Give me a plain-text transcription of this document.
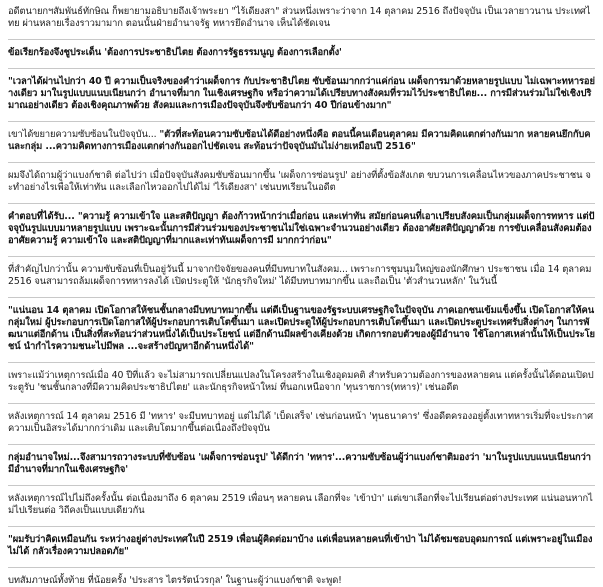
อดีตนายกฯสัมพันธ์ทักษิณ ก็พยายามอธิบายถึงเจ้าพระยา "ไร้เดียงสา" ส่วนหนึ่งเพราะว่าจาก 14 ตุลาคม 2516 ถึงปัจจุบัน เป็นเวลายาวนาน ประเทศไทย ผ่านหลายเรื่องราวมามาก ตอนนั้นฝ่ายอำนาจรัฐ ทหารยึดอำนาจ เห็นได้ชัดเจน

ข้อเรียกร้องจึงชูประเด็น 'ต้องการประชาธิปไตย ต้องการรัฐธรรมนูญ ต้องการเลือกตั้ง'

"เวลาได้ผ่านไปกว่า 40 ปี ความเป็นจริงของคำว่าเผด็จการ กับประชาธิปไตย ซับซ้อนมากกว่าแค่ก่อน เผด็จการมาด้วยหลายรูปแบบ ไม่เฉพาะทหารอย่างเดียว มาในรูปแบบแนบเนียนกว่า อำนาจที่มาก ในเชิงเศรษฐกิจ หรือว่าความได้เปรียบทางสังคมที่รวมไว้ประชาธิปไตย... การมีส่วนร่วมไม่ใช่เชิงปริมาณอย่างเดียว ต้องเชิงคุณภาพด้วย สังคมและการเมืองปัจจุบันจึงซับซ้อนกว่า 40 ปีก่อนข้างมาก"

เขาได้ขยายความซับซ้อนในปัจจุบัน... "ตัวที่สะท้อนความซับซ้อนได้ดีอย่างหนึ่งคือ ตอนนี้คนเดือนตุลาคม มีความคิดแตกต่างกันมาก หลายคนยึกกับคนละกลุ่ม ...ความคิดทางการเมืองแตกต่างกันออกไปชัดเจน สะท้อนว่าปัจจุบันมันไม่ง่ายเหมือนปี 2516"

ผมจึงได้ถามผู้ว่าแบงก์ชาติ ต่อไปว่า เมื่อปัจจุบันสังคมซับซ้อนมากขึ้น 'เผด็จการซ่อนรูป' อย่างที่ตั้งข้อสังเกต ขบวนการเคลื่อนไหวของภาคประชาชน จะทำอย่างไรเพื่อให้เท่าทัน และเลือกไหวออกไปได้ไม่ 'ไร้เดียงสา' เช่นบทเรียนในอดีต

คำตอบที่ได้รับ... "ความรู้ ความเข้าใจ และสติปัญญา ต้องก้าวหน้ากว่าเมื่อก่อน และเท่าทัน สมัยก่อนคนที่เอาเปรียบสังคมเป็นกลุ่มเผด็จการทหาร แต่ปัจจุบันรูปแบบมาหลายรูปแบบ เพราะฉะนั้นการมีส่วนร่วมของประชาชนไม่ใช่เฉพาะจำนวนอย่างเดียว ต้องอาศัยสติปัญญาด้วย การขับเคลื่อนสังคมต้องอาศัยความรู้ ความเข้าใจ และสติปัญญาที่มากและเท่าทันเผด็จการมี มากกว่าก่อน"

ที่สำคัญไปกว่านั้น ความซับซ้อนที่เป็นอยู่วันนี้ มาจากปัจจัยของคนที่มีบทบาทในสังคม... เพราะการชุมนุมใหญ่ของนักศึกษา ประชาชน เมื่อ 14 ตุลาคม 2516 จนสามารถล้มเผด็จการทหารลงได้ เปิดประตูให้ 'นักธุรกิจใหม่' ได้มีบทบาทมากขึ้น และถือเป็น 'ตัวสำนวนหลัก' ในวันนี้

"แน่นอน 14 ตุลาคม เปิดโอกาสให้ชนชั้นกลางมีบทบาทมากขึ้น แต่ดีเป็นฐานของรัฐระบบเศรษฐกิจในปัจจุบัน ภาคเอกชนเข้มแข็งขึ้น เปิดโอกาสให้คนกลุ่มใหม่ ผู้ประกอบการเปิดโอกาสให้ผู้ประกอบการเติบโตขึ้นมา และเปิดประตูให้ผู้ประกอบการเติบโตขึ้นมา และเปิดประตูประเทศรับสิ่งต่างๆ ในการพัฒนาแต่อีกด้าน เป็นสิ่งที่สะท้อนว่าส่วนหนึ่งได้เป็นประโยชน์ แต่อีกด้านมีผลข้างเคียงด้วย เกิดการกอบตัวของผู้มีอำนาจ ใช้โอกาสเหล่านั้นให้เป็นประโยชน์ นำกำไรความชนะไปมีพล ...จะสร้างปัญหาอีกด้านหนึ่งได้"

เพราะแม้ว่าเหตุการณ์เมื่อ 40 ปีที่แล้ว จะไม่สามารถเปลี่ยนแปลงในโครงสร้างในเชิงอุดมคติ สำหรับความต้องการของหลายคน แต่ครั้งนั้นได้ตอนเปิดประตูรับ 'ชนชั้นกลางที่มีความคิดประชาธิปไตย' และนักธุรกิจหน้าใหม่ ที่นอกเหนือจาก 'ทุนราชการ(ทหาร)' เช่นอดีต

หลังเหตุการณ์ 14 ตุลาคม 2516 มี 'ทหาร' จะมีบทบาทอยู่ แต่ไม่ได้ 'เบ็ดเสร็จ' เช่นก่อนหน้า 'ทุนธนาคาร' ซึ่งอดีตครองอยู่ตั้งเทาทหารเริ่มที่จะประกาศความเป็นอิสระได้มากกว่าเดิม และเติบโตมากขึ้นต่อเนื่องถึงปัจจุบัน

กลุ่มอำนาจใหม่...จึงสามารถวางระบบที่ซับซ้อน 'เผด็จการซ่อนรูป' ได้ดีกว่า 'ทหาร'...ความซับซ้อนผู้ว่าแบงก์ชาติมองว่า 'มาในรูปแบบแนบเนียนกว่า มีอำนาจที่มากในเชิงเศรษฐกิจ'

หลังเหตุการณ์ไปไม่ถึงครั้งนั้น ต่อเนื่องมาถึง 6 ตุลาคม 2519 เพื่อนๆ หลายคน เลือกที่จะ 'เข้าป่า' แต่เขาเลือกที่จะไปเรียนต่อต่างประเทศ แน่นอนหากไม่ไปเรียนต่อ วิถีคงเป็นแบบเดียวกัน

"ผมรับว่าคิดเหมือนกัน ระหว่างอยู่ต่างประเทศในปี 2519 เพื่อนผู้คิดต่อมาบ้าง แต่เพื่อนหลายคนที่เข้าป่า ไม่ได้ชมชอบอุดมการณ์ แต่เพราะอยู่ในเมืองไม่ได้ กลัวเรื่องความปลอดภัย"

บทสัมภาษณ์ทั้งท้าย ที่น้อยครั้ง 'ประสาร ไตรรัตน์วรกุล' ในฐานะผู้ว่าแบงก์ชาติ จะพูด!
